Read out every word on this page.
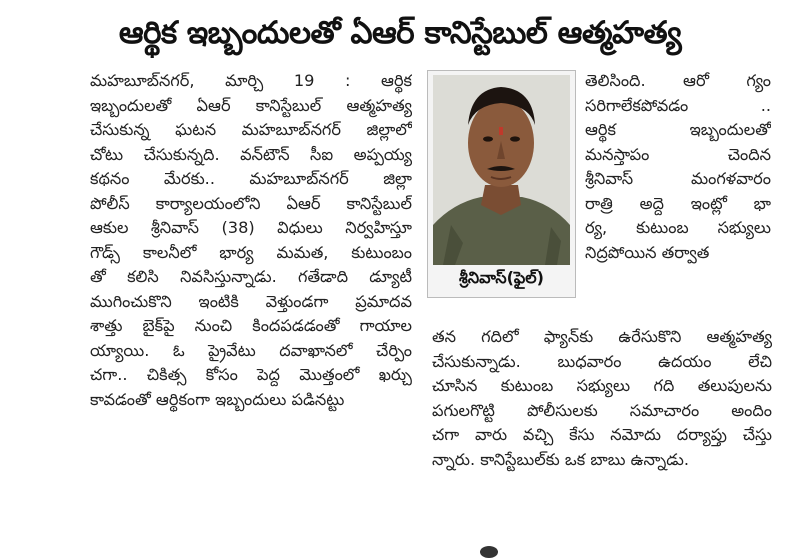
ఆర్థిక ఇబ్బందులతో ఏఆర్ కానిస్టేబుల్ ఆత్మహత్య
మహబూబ్‌నగర్, మార్చి 19 : ఆర్థిక
ఇబ్బందులతో ఏఆర్ కానిస్టేబుల్ ఆత్మహత్య
చేసుకున్న ఘటన మహబూబ్‌నగర్ జిల్లాలో
చోటు చేసుకున్నది. వన్‌టౌన్ సీఐ అప్పయ్య
కథనం మేరకు.. మహబూబ్‌నగర్ జిల్లా
పోలీస్ కార్యాలయంలోని ఏఆర్ కానిస్టేబుల్
ఆకుల శ్రీనివాస్ (38) విధులు నిర్వహిస్తూ
గౌడ్స్ కాలనీలో భార్య మమత, కుటుంబం
తో కలిసి నివసిస్తున్నాడు. గతేడాది డ్యూటీ
ముగించుకొని ఇంటికి వెళ్తుండగా ప్రమాదవ
శాత్తు బైక్‌పై నుంచి కిందపడడంతో గాయాల
య్యాయి. ఓ ప్రైవేటు దవాఖానలో చేర్పిం
చగా.. చికిత్స కోసం పెద్ద మొత్తంలో ఖర్చు
కావడంతో ఆర్థికంగా ఇబ్బందులు పడినట్టు
శ్రీనివాస్(ఫైల్)
తెలిసింది. ఆరో గ్యం
సరిగాలేకపోవడం ..
ఆర్థిక ఇబ్బందులతో
మనస్తాపం చెందిన
శ్రీనివాస్ మంగళవారం
రాత్రి అద్దె ఇంట్లో భా
ర్య, కుటుంబ సభ్యులు
నిద్రపోయిన తర్వాత
తన గదిలో ఫ్యాన్‌కు ఉరేసుకొని ఆత్మహత్య
చేసుకున్నాడు. బుధవారం ఉదయం లేచి
చూసిన కుటుంబ సభ్యులు గది తలుపులను
పగులగొట్టి పోలీసులకు సమాచారం అందిం
చగా వారు వచ్చి కేసు నమోదు దర్యాప్తు చేస్తు
న్నారు. కానిస్టేబుల్‌కు ఒక బాబు ఉన్నాడు.
